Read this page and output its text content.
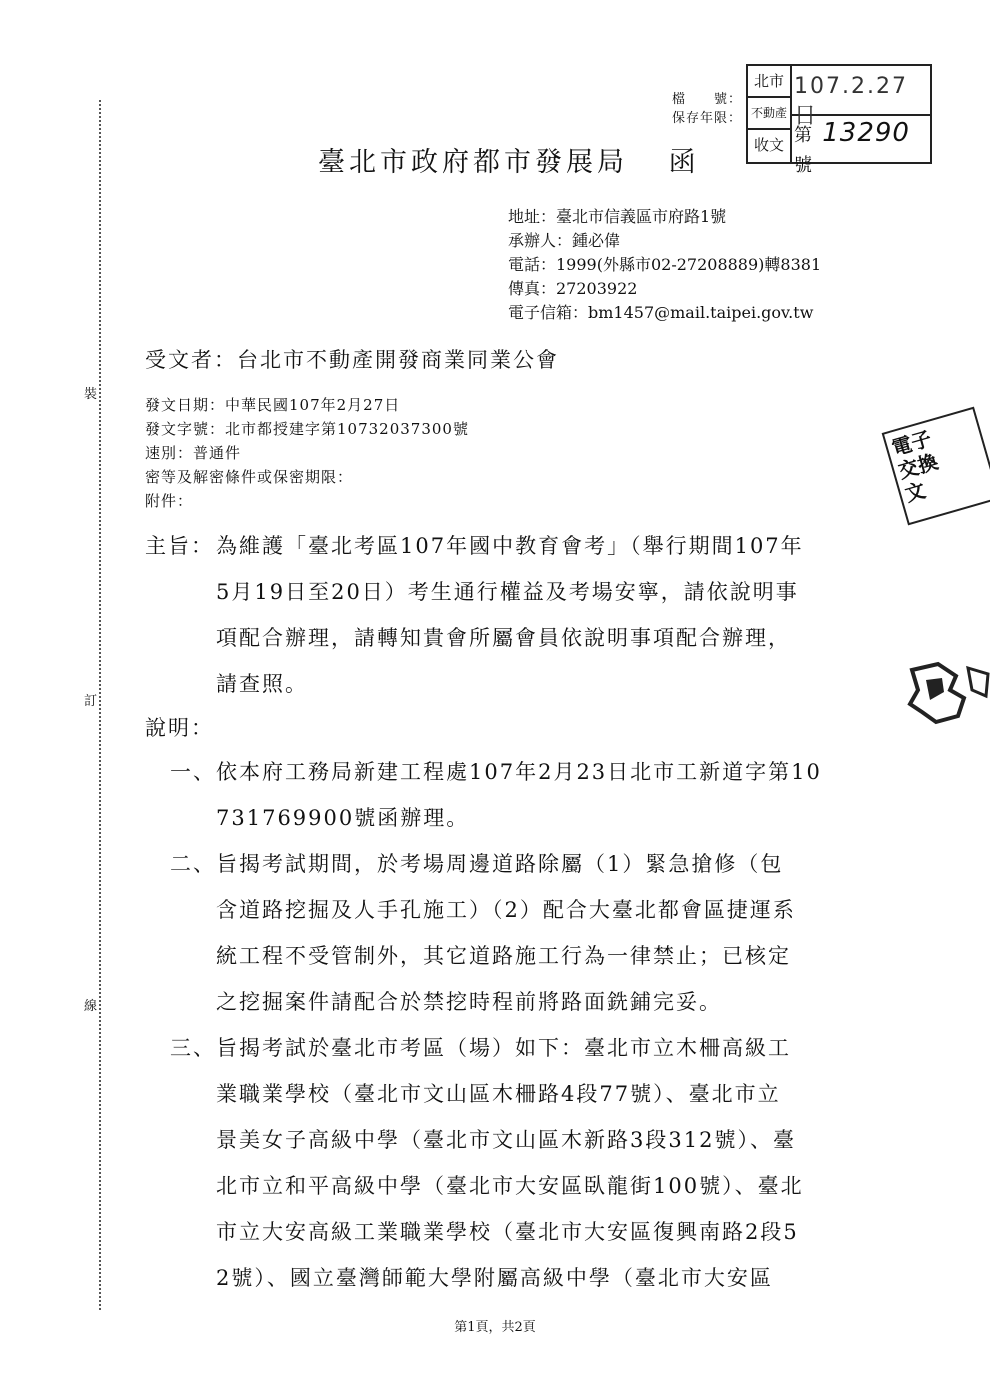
裝
訂
線
檔　　號：
保存年限：
北市
不動產
收文
107.2.27日
第 13290 號
臺北市政府都市發展局 函
地址：臺北市信義區市府路1號
承辦人：鍾必偉
電話：1999(外縣市02-27208889)轉8381
傳真：27203922
電子信箱：bm1457@mail.taipei.gov.tw
受文者：台北市不動產開發商業同業公會
發文日期：中華民國107年2月27日
發文字號：北市都授建字第10732037300號
速別：普通件
密等及解密條件或保密期限：
附件：
主旨： 為維護「臺北考區107年國中教育會考」（舉行期間107年
5月19日至20日）考生通行權益及考場安寧，請依說明事
項配合辦理，請轉知貴會所屬會員依說明事項配合辦理，
請查照。
說明：
一、 依本府工務局新建工程處107年2月23日北市工新道字第10
731769900號函辦理。
二、 旨揭考試期間，於考場周邊道路除屬（1）緊急搶修（包
含道路挖掘及人手孔施工）（2）配合大臺北都會區捷運系
統工程不受管制外，其它道路施工行為一律禁止；已核定
之挖掘案件請配合於禁挖時程前將路面銑鋪完妥。
三、 旨揭考試於臺北市考區（場）如下：臺北市立木柵高級工
業職業學校（臺北市文山區木柵路4段77號）、臺北市立
景美女子高級中學（臺北市文山區木新路3段312號）、臺
北市立和平高級中學（臺北市大安區臥龍街100號）、臺北
市立大安高級工業職業學校（臺北市大安區復興南路2段5
2號）、國立臺灣師範大學附屬高級中學（臺北市大安區
電子交換文
第1頁，共2頁
